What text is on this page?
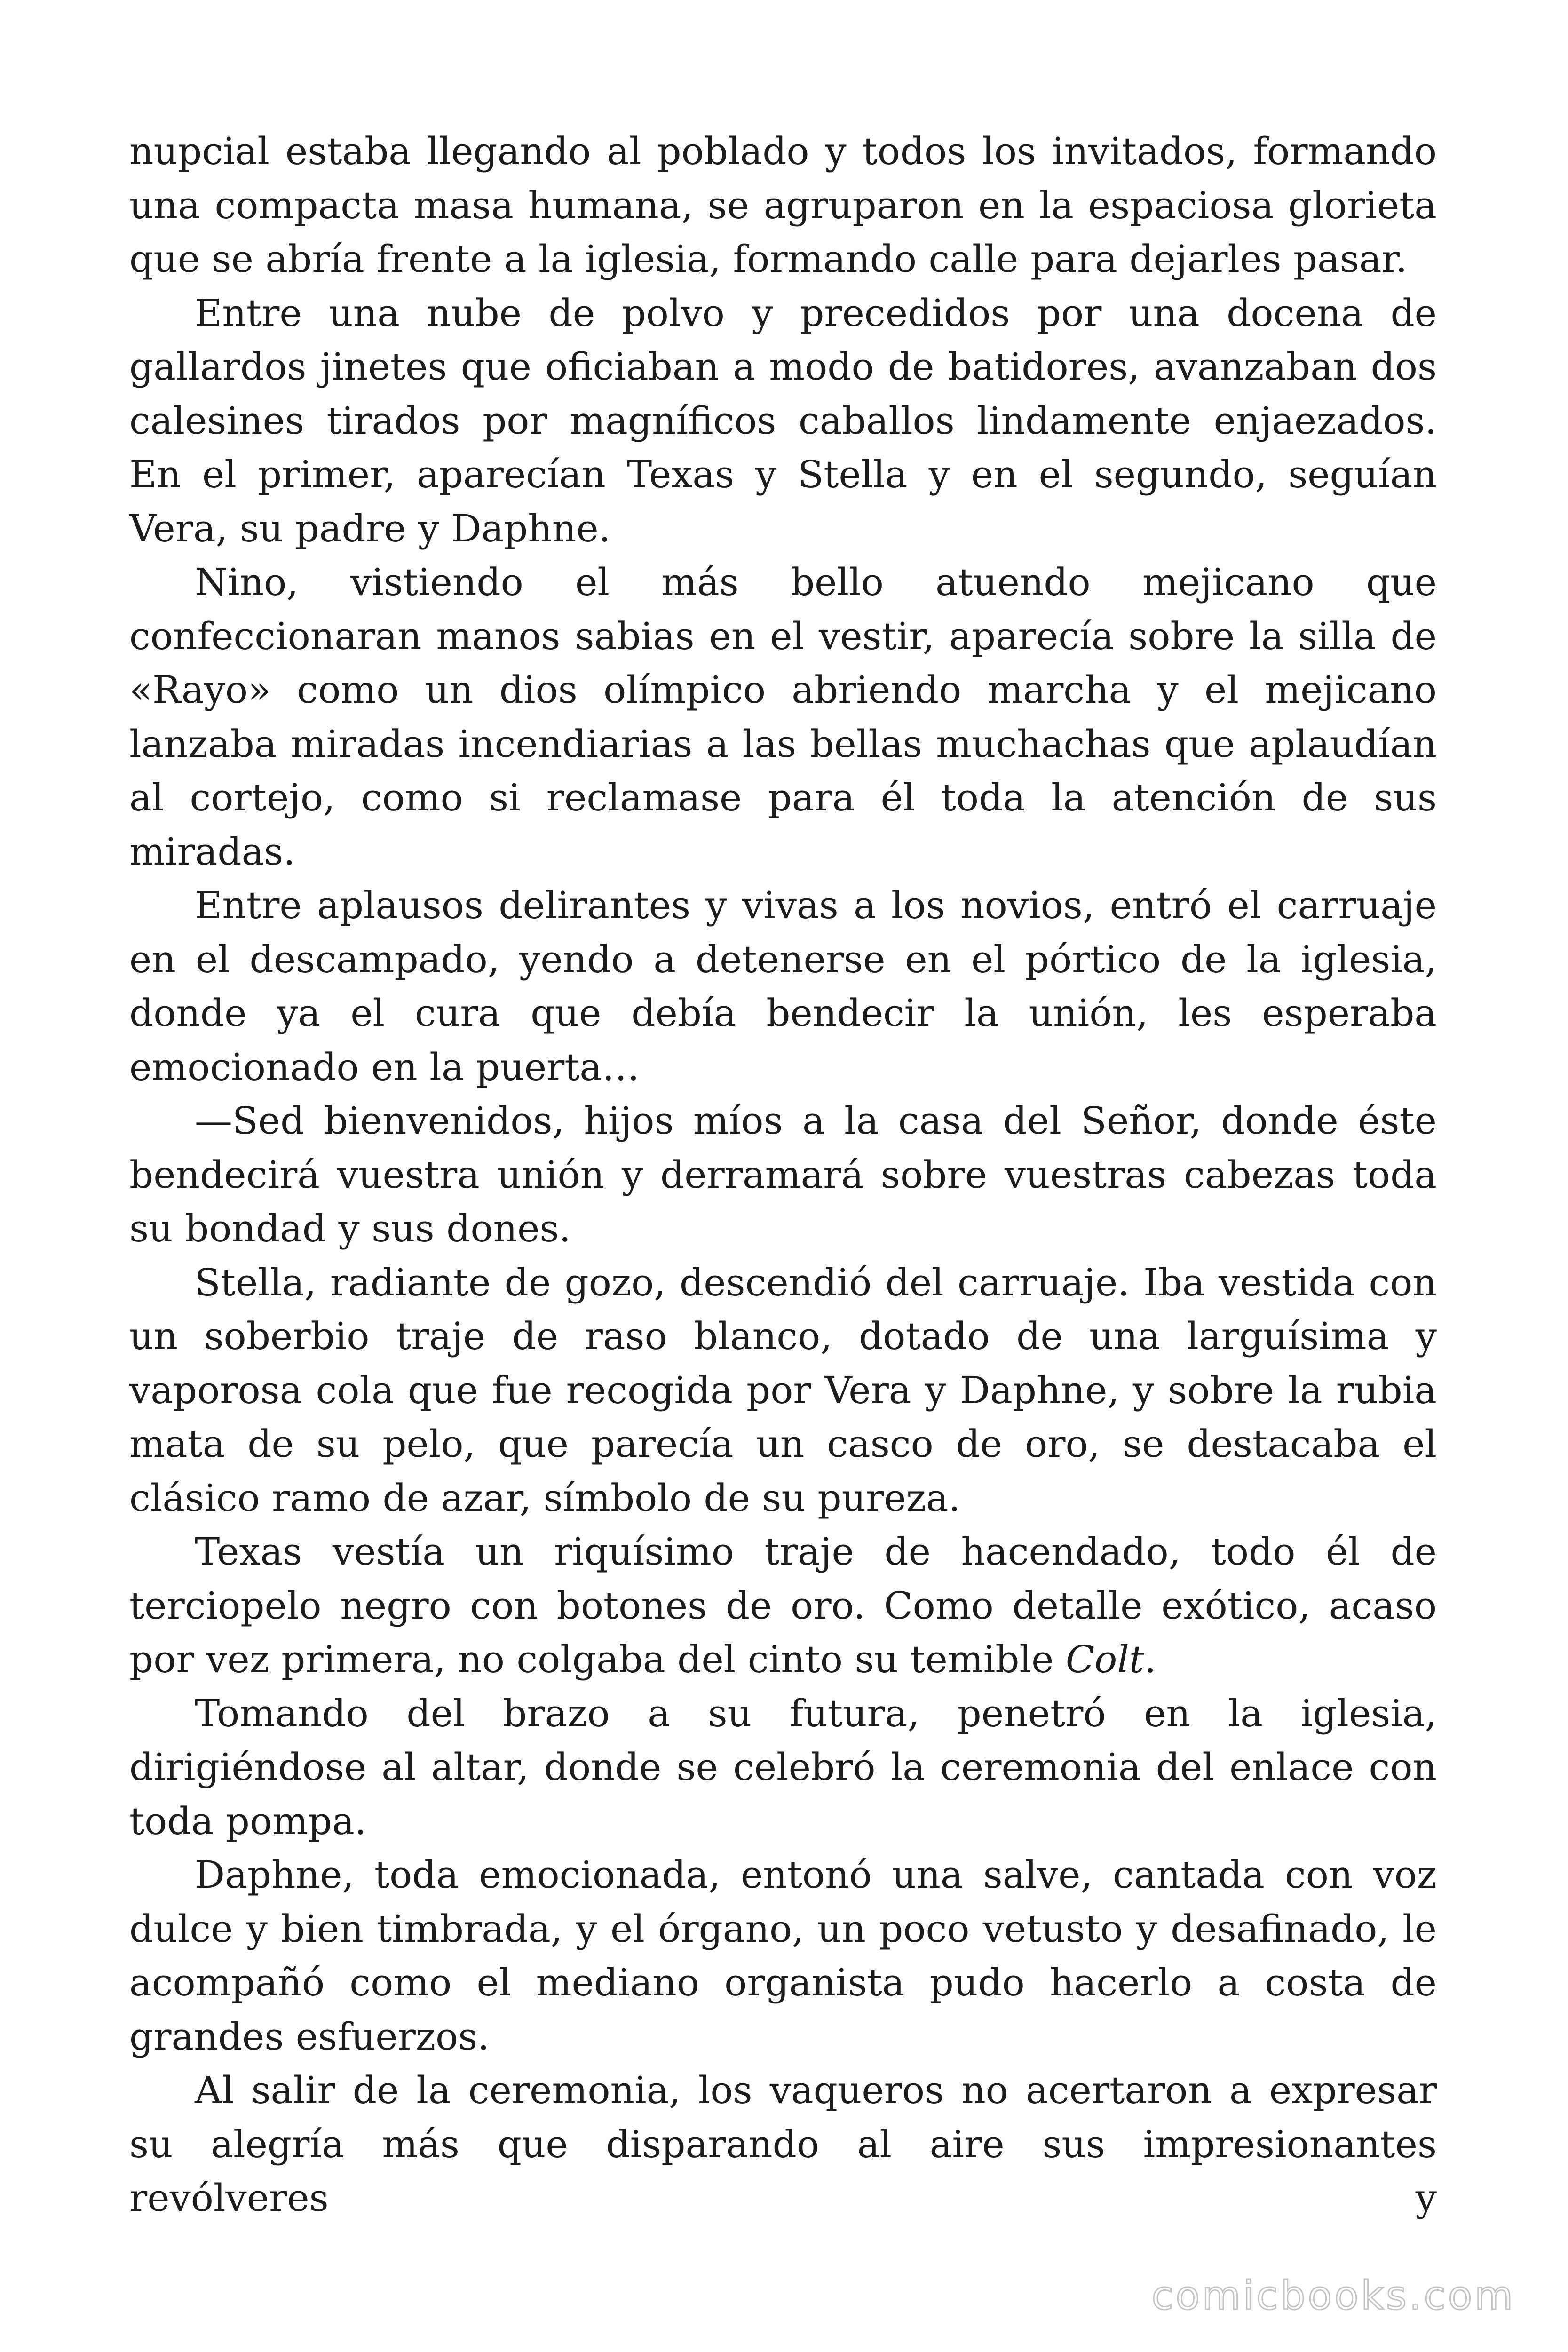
nupcial estaba llegando al poblado y todos los invitados, formando una compacta masa humana, se agruparon en la espaciosa glorieta que se abría frente a la iglesia, formando calle para dejarles pasar.

Entre una nube de polvo y precedidos por una docena de gallardos jinetes que oficiaban a modo de batidores, avanzaban dos calesines tirados por magníficos caballos lindamente enjaezados. En el primer, aparecían Texas y Stella y en el segundo, seguían Vera, su padre y Daphne.

Nino, vistiendo el más bello atuendo mejicano que confeccionaran manos sabias en el vestir, aparecía sobre la silla de «Rayo» como un dios olímpico abriendo marcha y el mejicano lanzaba miradas incendiarias a las bellas muchachas que aplaudían al cortejo, como si reclamase para él toda la atención de sus miradas.

Entre aplausos delirantes y vivas a los novios, entró el carruaje en el descampado, yendo a detenerse en el pórtico de la iglesia, donde ya el cura que debía bendecir la unión, les esperaba emocionado en la puerta…

—Sed bienvenidos, hijos míos a la casa del Señor, donde éste bendecirá vuestra unión y derramará sobre vuestras cabezas toda su bondad y sus dones.

Stella, radiante de gozo, descendió del carruaje. Iba vestida con un soberbio traje de raso blanco, dotado de una larguísima y vaporosa cola que fue recogida por Vera y Daphne, y sobre la rubia mata de su pelo, que parecía un casco de oro, se destacaba el clásico ramo de azar, símbolo de su pureza.

Texas vestía un riquísimo traje de hacendado, todo él de terciopelo negro con botones de oro. Como detalle exótico, acaso por vez primera, no colgaba del cinto su temible Colt.

Tomando del brazo a su futura, penetró en la iglesia, dirigiéndose al altar, donde se celebró la ceremonia del enlace con toda pompa.

Daphne, toda emocionada, entonó una salve, cantada con voz dulce y bien timbrada, y el órgano, un poco vetusto y desafinado, le acompañó como el mediano organista pudo hacerlo a costa de grandes esfuerzos.

Al salir de la ceremonia, los vaqueros no acertaron a expresar su alegría más que disparando al aire sus impresionantes revólveres y

comicbooks.com
